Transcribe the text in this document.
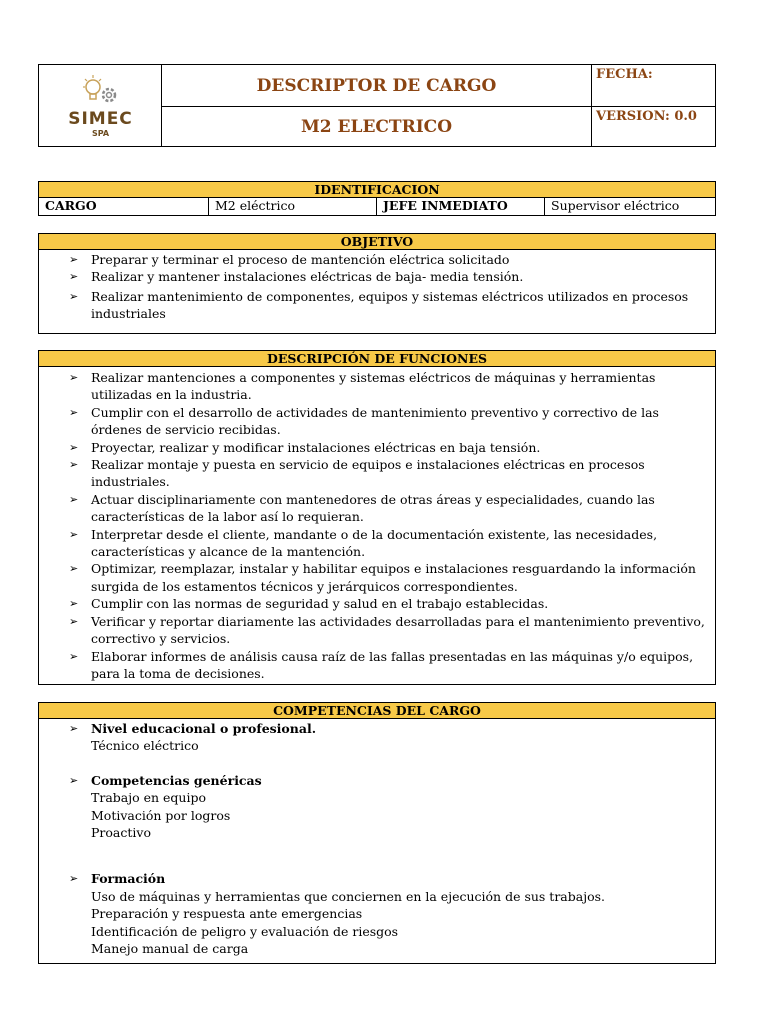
SIMEC
SPA
DESCRIPTOR DE CARGO
M2 ELECTRICO
FECHA:
VERSION: 0.0
IDENTIFICACION
CARGO	M2 eléctrico	JEFE INMEDIATO	Supervisor eléctrico
OBJETIVO
➢ Preparar y terminar el proceso de mantención eléctrica solicitado
➢ Realizar y mantener instalaciones eléctricas de baja- media tensión.
➢ Realizar mantenimiento de componentes, equipos y sistemas eléctricos utilizados en procesos industriales
DESCRIPCIÓN DE FUNCIONES
➢ Realizar mantenciones a componentes y sistemas eléctricos de máquinas y herramientas utilizadas en la industria.
➢ Cumplir con el desarrollo de actividades de mantenimiento preventivo y correctivo de las órdenes de servicio recibidas.
➢ Proyectar, realizar y modificar instalaciones eléctricas en baja tensión.
➢ Realizar montaje y puesta en servicio de equipos e instalaciones eléctricas en procesos industriales.
➢ Actuar disciplinariamente con mantenedores de otras áreas y especialidades, cuando las características de la labor así lo requieran.
➢ Interpretar desde el cliente, mandante o de la documentación existente, las necesidades, características y alcance de la mantención.
➢ Optimizar, reemplazar, instalar y habilitar equipos e instalaciones resguardando la información surgida de los estamentos técnicos y jerárquicos correspondientes.
➢ Cumplir con las normas de seguridad y salud en el trabajo establecidas.
➢ Verificar y reportar diariamente las actividades desarrolladas para el mantenimiento preventivo, correctivo y servicios.
➢ Elaborar informes de análisis causa raíz de las fallas presentadas en las máquinas y/o equipos, para la toma de decisiones.
COMPETENCIAS DEL CARGO
➢ Nivel educacional o profesional.
Técnico eléctrico
➢ Competencias genéricas
Trabajo en equipo
Motivación por logros
Proactivo
➢ Formación
Uso de máquinas y herramientas que conciernen en la ejecución de sus trabajos.
Preparación y respuesta ante emergencias
Identificación de peligro y evaluación de riesgos
Manejo manual de carga
